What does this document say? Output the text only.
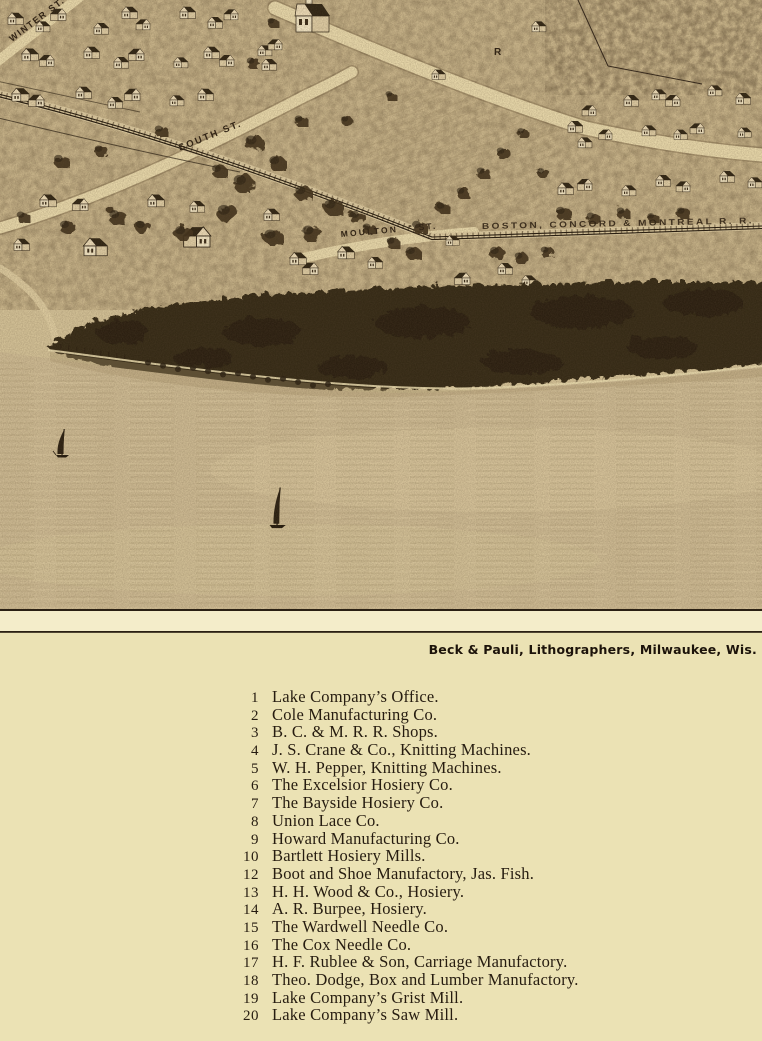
Beck & Pauli, Lithographers, Milwaukee, Wis.
1 Lake Company’s Office.
2 Cole Manufacturing Co.
3 B. C. & M. R. R. Shops.
4 J. S. Crane & Co., Knitting Machines.
5 W. H. Pepper, Knitting Machines.
6 The Excelsior Hosiery Co.
7 The Bayside Hosiery Co.
8 Union Lace Co.
9 Howard Manufacturing Co.
10 Bartlett Hosiery Mills.
12 Boot and Shoe Manufactory, Jas. Fish.
13 H. H. Wood & Co., Hosiery.
14 A. R. Burpee, Hosiery.
15 The Wardwell Needle Co.
16 The Cox Needle Co.
17 H. F. Rublee & Son, Carriage Manufactory.
18 Theo. Dodge, Box and Lumber Manufactory.
19 Lake Company’s Grist Mill.
20 Lake Company’s Saw Mill.
